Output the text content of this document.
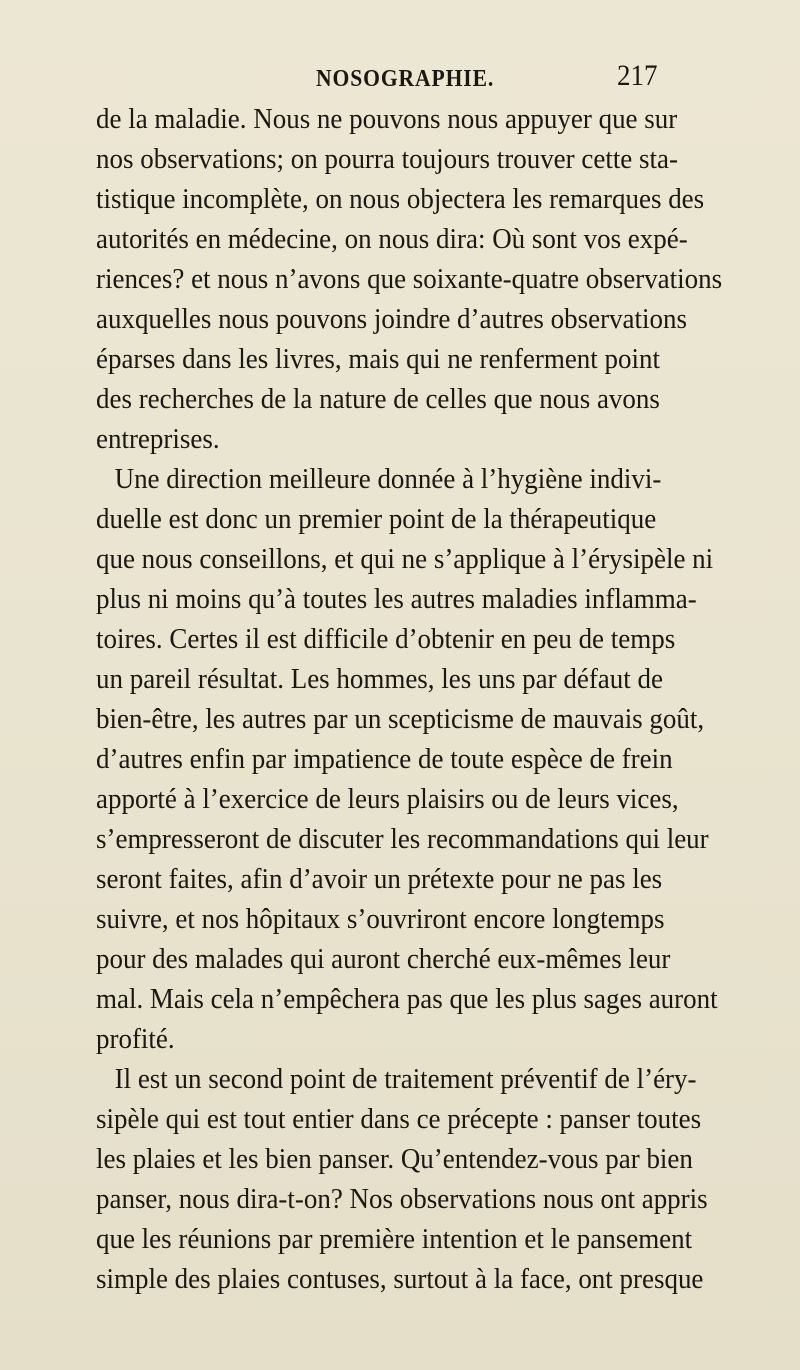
NOSOGRAPHIE.	217
de la maladie. Nous ne pouvons nous appuyer que sur
nos observations; on pourra toujours trouver cette sta-
tistique incomplète, on nous objectera les remarques des
autorités en médecine, on nous dira: Où sont vos expé-
riences? et nous n’avons que soixante-quatre observations
auxquelles nous pouvons joindre d’autres observations
éparses dans les livres, mais qui ne renferment point
des recherches de la nature de celles que nous avons
entreprises.
Une direction meilleure donnée à l’hygiène indivi-
duelle est donc un premier point de la thérapeutique
que nous conseillons, et qui ne s’applique à l’érysipèle ni
plus ni moins qu’à toutes les autres maladies inflamma-
toires. Certes il est difficile d’obtenir en peu de temps
un pareil résultat. Les hommes, les uns par défaut de
bien-être, les autres par un scepticisme de mauvais goût,
d’autres enfin par impatience de toute espèce de frein
apporté à l’exercice de leurs plaisirs ou de leurs vices,
s’empresseront de discuter les recommandations qui leur
seront faites, afin d’avoir un prétexte pour ne pas les
suivre, et nos hôpitaux s’ouvriront encore longtemps
pour des malades qui auront cherché eux-mêmes leur
mal. Mais cela n’empêchera pas que les plus sages auront
profité.
Il est un second point de traitement préventif de l’éry-
sipèle qui est tout entier dans ce précepte : panser toutes
les plaies et les bien panser. Qu’entendez-vous par bien
panser, nous dira-t-on? Nos observations nous ont appris
que les réunions par première intention et le pansement
simple des plaies contuses, surtout à la face, ont presque
